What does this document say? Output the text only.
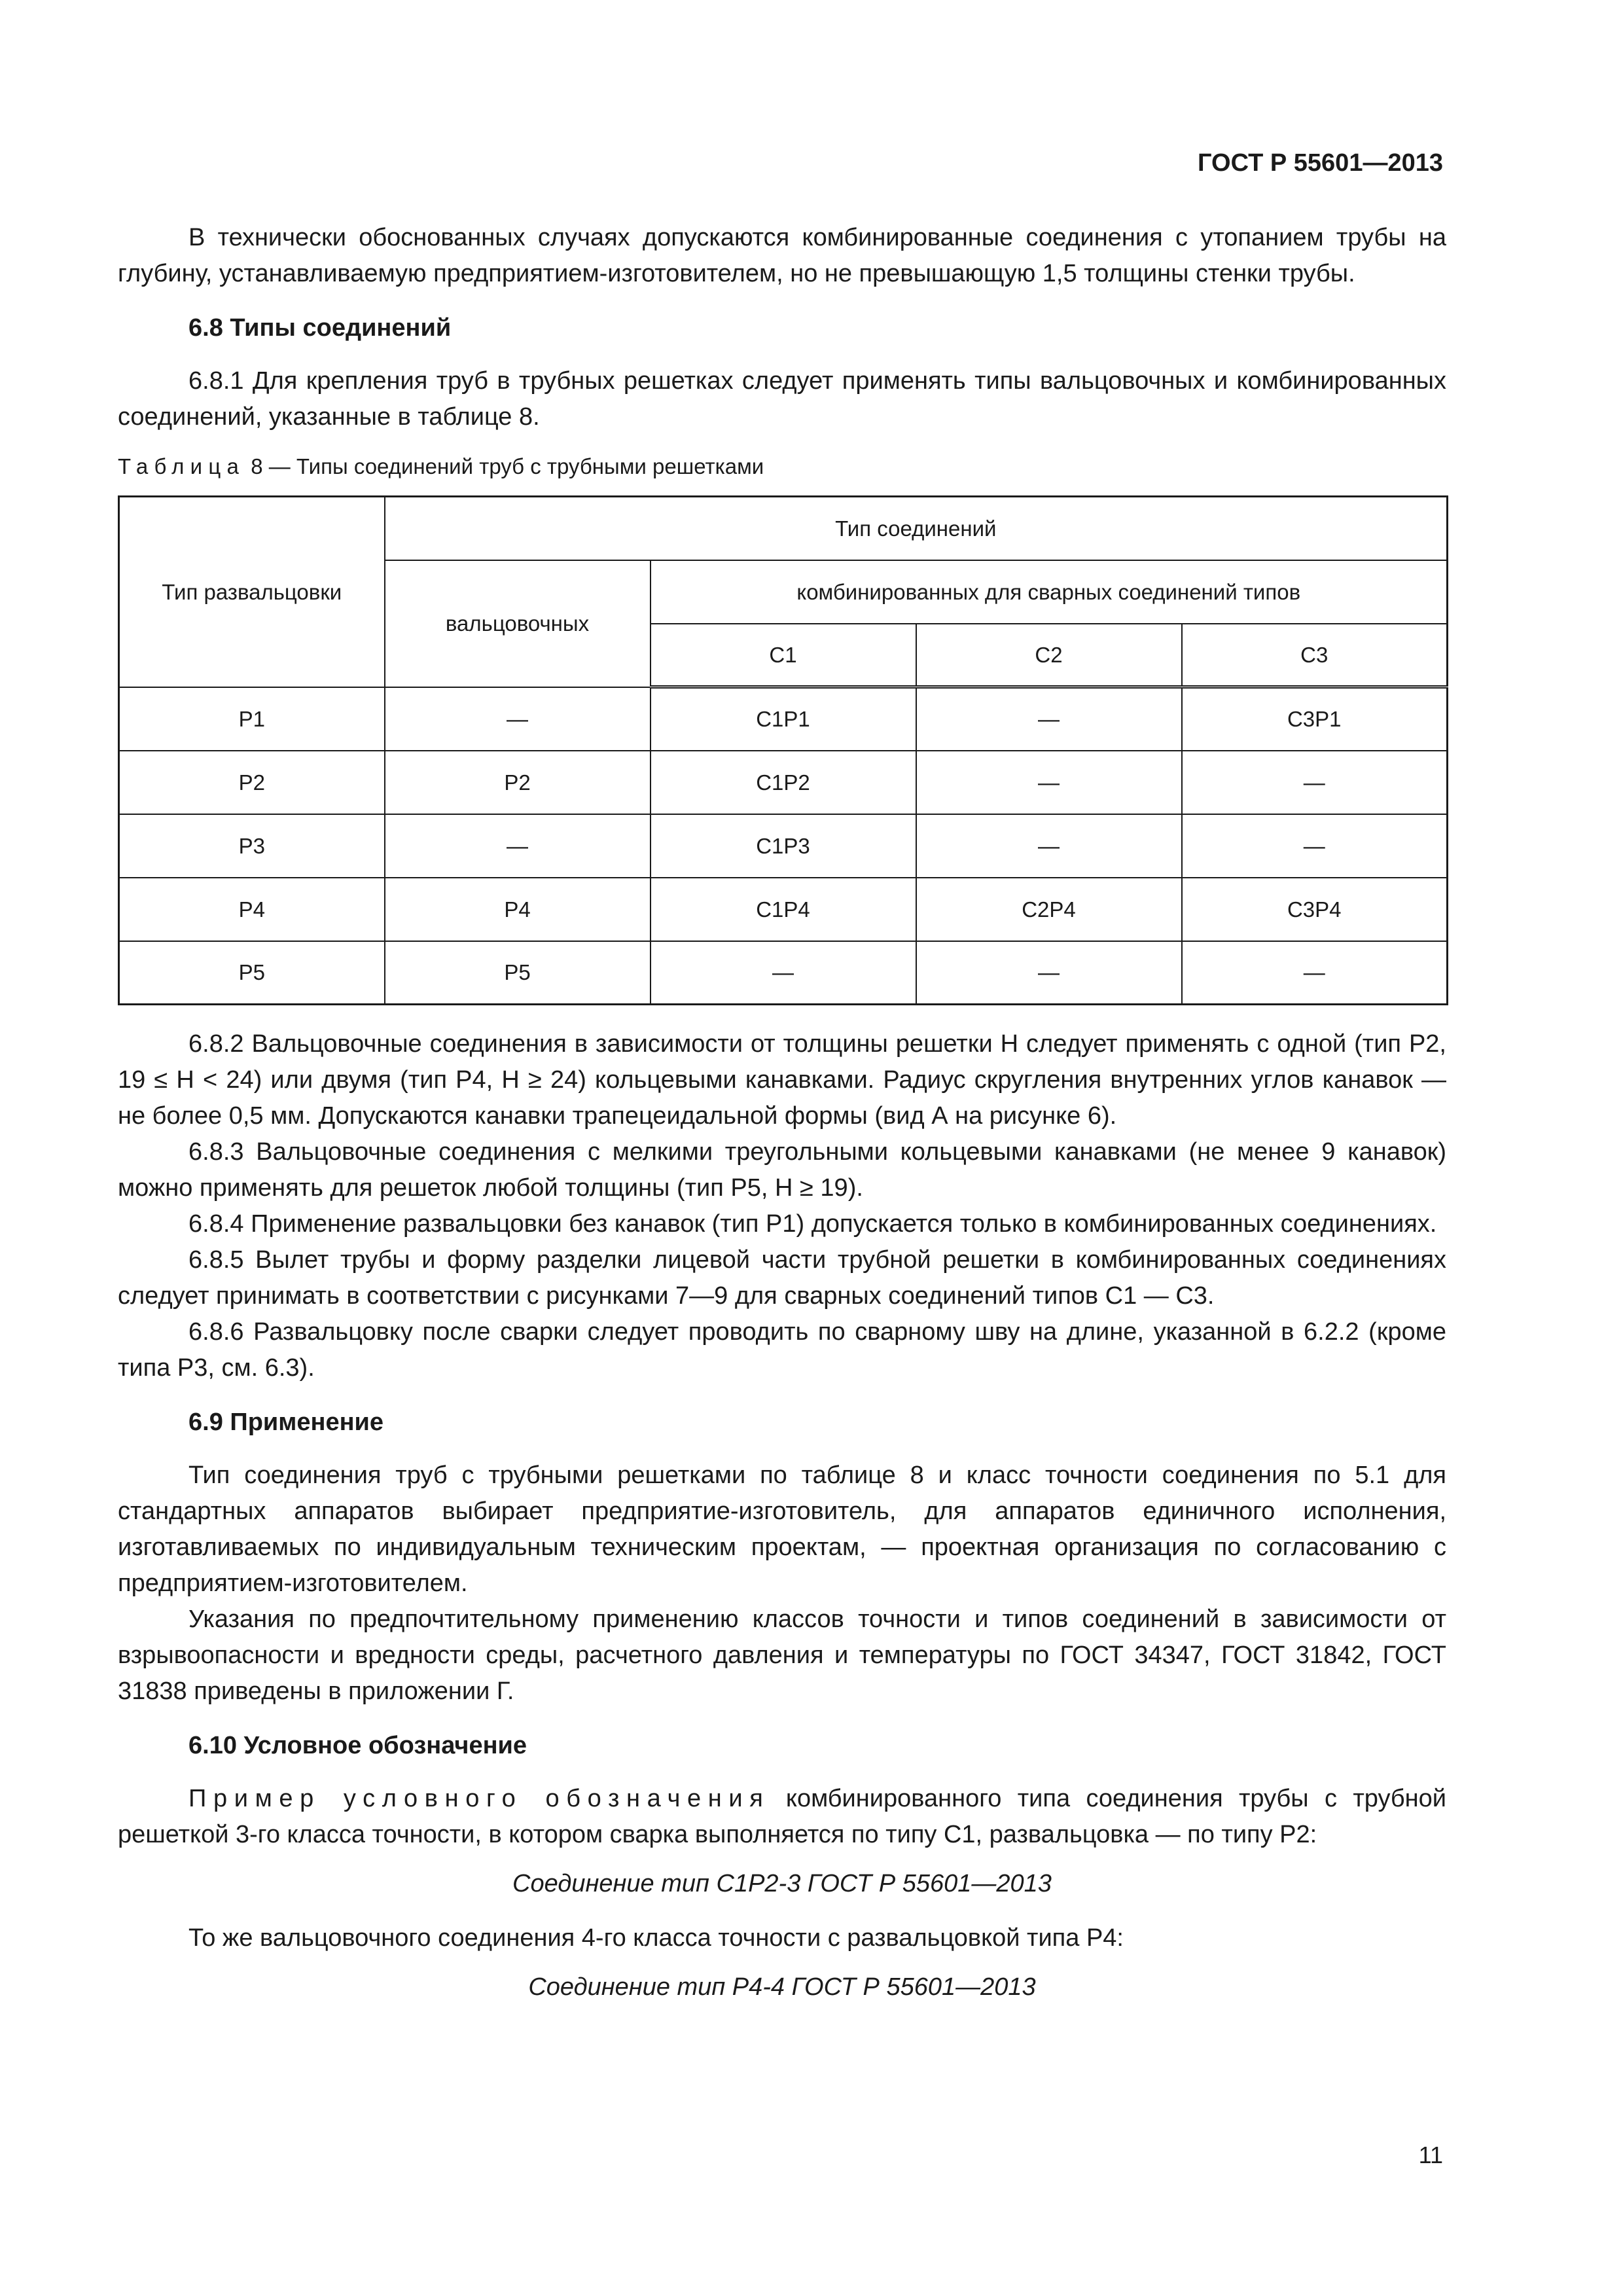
ГОСТ Р 55601—2013

В технически обоснованных случаях допускаются комбинированные соединения с утопанием трубы на глубину, устанавливаемую предприятием-изготовителем, но не превышающую 1,5 толщины стенки трубы.

6.8 Типы соединений

6.8.1 Для крепления труб в трубных решетках следует применять типы вальцовочных и комбинированных соединений, указанные в таблице 8.

Таблица 8 — Типы соединений труб с трубными решетками
Тип развальцовки	Тип соединений			
	вальцовочных	комбинированных для сварных соединений типов		
		С1	С2	С3
Р1	—	С1Р1	—	С3Р1
Р2	Р2	С1Р2	—	—
Р3	—	С1Р3	—	—
Р4	Р4	С1Р4	С2Р4	С3Р4
Р5	Р5	—	—	—

6.8.2 Вальцовочные соединения в зависимости от толщины решетки H следует применять с одной (тип Р2, 19 ≤ H < 24) или двумя (тип Р4, H ≥ 24) кольцевыми канавками. Радиус скругления внутренних углов канавок — не более 0,5 мм. Допускаются канавки трапецеидальной формы (вид А на рисунке 6).

6.8.3 Вальцовочные соединения с мелкими треугольными кольцевыми канавками (не менее 9 канавок) можно применять для решеток любой толщины (тип Р5, H ≥ 19).

6.8.4 Применение развальцовки без канавок (тип Р1) допускается только в комбинированных соединениях.

6.8.5 Вылет трубы и форму разделки лицевой части трубной решетки в комбинированных соединениях следует принимать в соответствии с рисунками 7—9 для сварных соединений типов С1 — С3.

6.8.6 Развальцовку после сварки следует проводить по сварному шву на длине, указанной в 6.2.2 (кроме типа Р3, см. 6.3).

6.9 Применение

Тип соединения труб с трубными решетками по таблице 8 и класс точности соединения по 5.1 для стандартных аппаратов выбирает предприятие-изготовитель, для аппаратов единичного исполнения, изготавливаемых по индивидуальным техническим проектам, — проектная организация по согласованию с предприятием-изготовителем.

Указания по предпочтительному применению классов точности и типов соединений в зависимости от взрывоопасности и вредности среды, расчетного давления и температуры по ГОСТ 34347, ГОСТ 31842, ГОСТ 31838 приведены в приложении Г.

6.10 Условное обозначение

Пример условного обозначения комбинированного типа соединения трубы с трубной решеткой 3-го класса точности, в котором сварка выполняется по типу С1, развальцовка — по типу Р2:

Соединение тип С1Р2-3 ГОСТ Р 55601—2013

То же вальцовочного соединения 4-го класса точности с развальцовкой типа Р4:

Соединение тип Р4-4 ГОСТ Р 55601—2013

11
